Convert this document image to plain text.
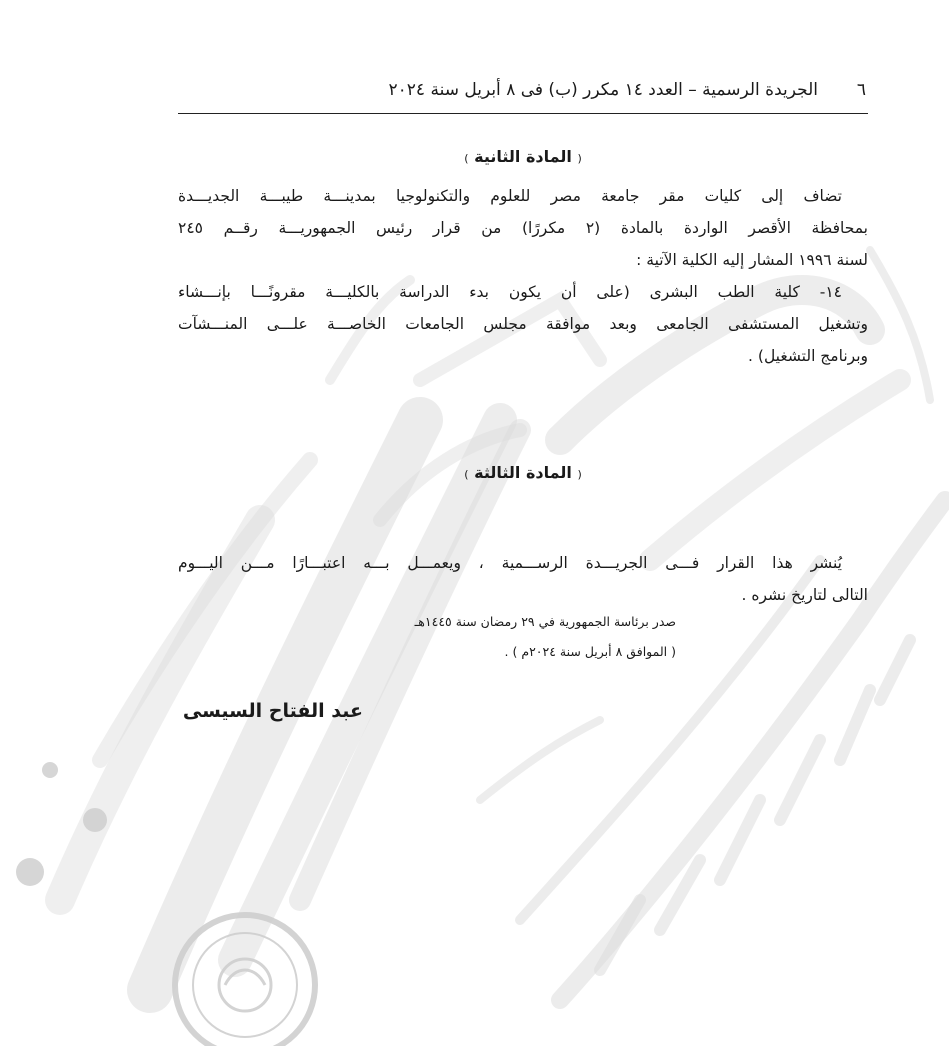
٦
الجريدة الرسمية – العدد ١٤ مكرر (ب) فى ٨ أبريل سنة ٢٠٢٤
( المادة الثانية )
تضاف إلى كليات مقر جامعة مصر للعلوم والتكنولوجيا بمدينـــة طيبـــة الجديـــدة
بمحافظة الأقصر الواردة بالمادة (٢ مكررًا) من قرار رئيس الجمهوريـــة رقــم ٢٤٥
لسنة ١٩٩٦ المشار إليه الكلية الآتية :
١٤- كلية الطب البشرى (على أن يكون بدء الدراسة بالكليـــة مقرونًـــا بإنـــشاء
وتشغيل المستشفى الجامعى وبعد موافقة مجلس الجامعات الخاصـــة علـــى المنـــشآت
وبرنامج التشغيل) .
( المادة الثالثة )
يُنشر هذا القرار فـــى الجريـــدة الرســـمية ، ويعمـــل بـــه اعتبـــارًا مـــن اليـــوم
التالى لتاريخ نشره .
صدر برئاسة الجمهورية في ٢٩ رمضان سنة ١٤٤٥هـ
( الموافق ٨ أبريل سنة ٢٠٢٤م ) .
عبد الفتاح السيسى
